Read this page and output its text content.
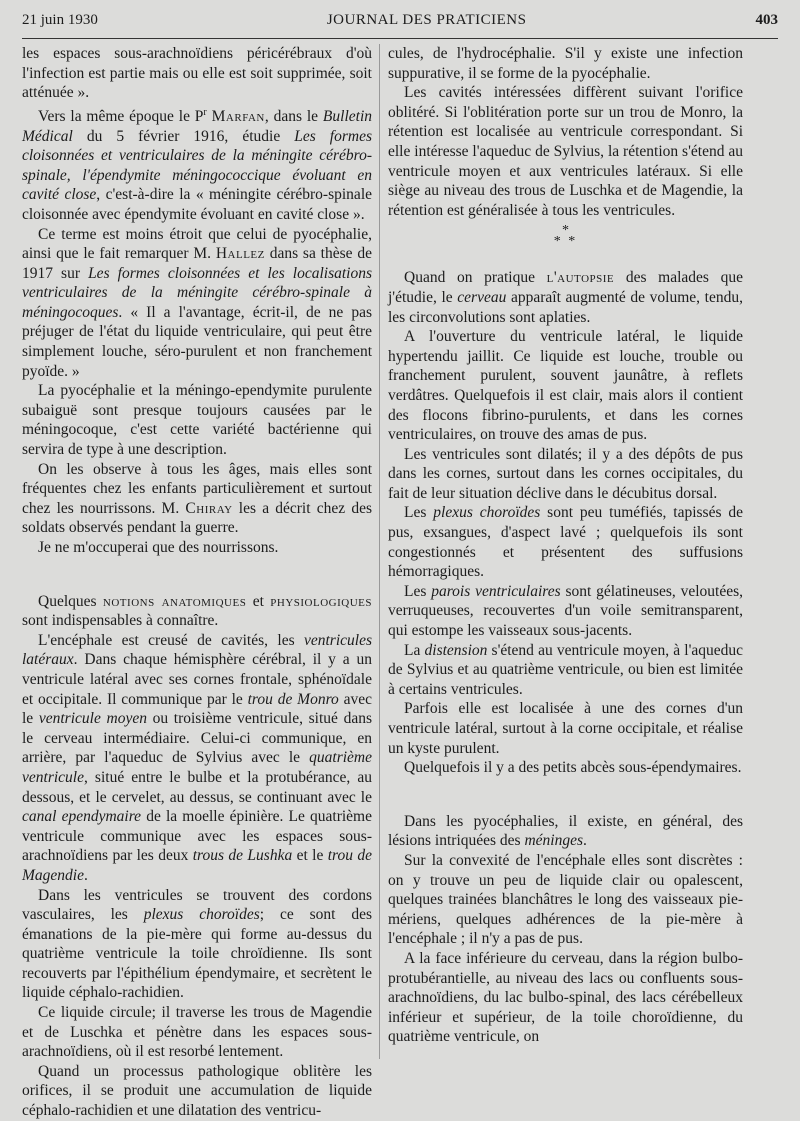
21 juin 1930	JOURNAL DES PRATICIENS	403

les espaces sous-arachnoïdiens péricérébraux d'où l'infection est partie mais ou elle est soit supprimée, soit atténuée ».

Vers la même époque le $P^r$ Marfan, dans le Bulletin Médical du 5 février 1916, étudie Les formes cloisonnées et ventriculaires de la méningite cérébro-spinale, l'épendymite méningococcique évoluant en cavité close, c'est-à-dire la « méningite cérébro-spinale cloisonnée avec épendymite évoluant en cavité close ».

Ce terme est moins étroit que celui de pyocéphalie, ainsi que le fait remarquer M. Hallez dans sa thèse de 1917 sur Les formes cloisonnées et les localisations ventriculaires de la méningite cérébro-spinale à méningocoques. « Il a l'avantage, écrit-il, de ne pas préjuger de l'état du liquide ventriculaire, qui peut être simplement louche, séro-purulent et non franchement pyoïde. »

La pyocéphalie et la méningo-ependymite purulente subaiguë sont presque toujours causées par le méningocoque, c'est cette variété bactérienne qui servira de type à une description.

On les observe à tous les âges, mais elles sont fréquentes chez les enfants particulièrement et surtout chez les nourrissons. M. Chiray les a décrit chez des soldats observés pendant la guerre.

Je ne m'occuperai que des nourrissons.

Quelques notions anatomiques et physiologiques sont indispensables à connaître.

L'encéphale est creusé de cavités, les ventricules latéraux. Dans chaque hémisphère cérébral, il y a un ventricule latéral avec ses cornes frontale, sphénoïdale et occipitale. Il communique par le trou de Monro avec le ventricule moyen ou troisième ventricule, situé dans le cerveau intermédiaire. Celui-ci communique, en arrière, par l'aqueduc de Sylvius avec le quatrième ventricule, situé entre le bulbe et la protubérance, au dessous, et le cervelet, au dessus, se continuant avec le canal ependymaire de la moelle épinière. Le quatrième ventricule communique avec les espaces sous-arachnoïdiens par les deux trous de Lushka et le trou de Magendie.

Dans les ventricules se trouvent des cordons vasculaires, les plexus choroïdes; ce sont des émanations de la pie-mère qui forme au-dessus du quatrième ventricule la toile chroïdienne. Ils sont recouverts par l'épithélium épendymaire, et secrètent le liquide céphalo-rachidien.

Ce liquide circule; il traverse les trous de Magendie et de Luschka et pénètre dans les espaces sous-arachnoïdiens, où il est resorbé lentement.

Quand un processus pathologique oblitère les orifices, il se produit une accumulation de liquide céphalo-rachidien et une dilatation des ventricu-

cules, de l'hydrocéphalie. S'il y existe une infection suppurative, il se forme de la pyocéphalie.

Les cavités intéressées diffèrent suivant l'orifice oblitéré. Si l'oblitération porte sur un trou de Monro, la rétention est localisée au ventricule correspondant. Si elle intéresse l'aqueduc de Sylvius, la rétention s'étend au ventricule moyen et aux ventricules latéraux. Si elle siège au niveau des trous de Luschka et de Magendie, la rétention est généralisée à tous les ventricules.

*
* *

Quand on pratique l'autopsie des malades que j'étudie, le cerveau apparaît augmenté de volume, tendu, les circonvolutions sont aplaties.

A l'ouverture du ventricule latéral, le liquide hypertendu jaillit. Ce liquide est louche, trouble ou franchement purulent, souvent jaunâtre, à reflets verdâtres. Quelquefois il est clair, mais alors il contient des flocons fibrino-purulents, et dans les cornes ventriculaires, on trouve des amas de pus.

Les ventricules sont dilatés; il y a des dépôts de pus dans les cornes, surtout dans les cornes occipitales, du fait de leur situation déclive dans le décubitus dorsal.

Les plexus choroïdes sont peu tuméfiés, tapissés de pus, exsangues, d'aspect lavé ; quelquefois ils sont congestionnés et présentent des suffusions hémorragiques.

Les parois ventriculaires sont gélatineuses, veloutées, verruqueuses, recouvertes d'un voile semitransparent, qui estompe les vaisseaux sous-jacents.

La distension s'étend au ventricule moyen, à l'aqueduc de Sylvius et au quatrième ventricule, ou bien est limitée à certains ventricules.

Parfois elle est localisée à une des cornes d'un ventricule latéral, surtout à la corne occipitale, et réalise un kyste purulent.

Quelquefois il y a des petits abcès sous-épendymaires.

Dans les pyocéphalies, il existe, en général, des lésions intriquées des méninges.

Sur la convexité de l'encéphale elles sont discrètes : on y trouve un peu de liquide clair ou opalescent, quelques trainées blanchâtres le long des vaisseaux pie-mériens, quelques adhérences de la pie-mère à l'encéphale ; il n'y a pas de pus.

A la face inférieure du cerveau, dans la région bulbo-protubérantielle, au niveau des lacs ou confluents sous-arachnoïdiens, du lac bulbo-spinal, des lacs cérébelleux inférieur et supérieur, de la toile choroïdienne, du quatrième ventricule, on
